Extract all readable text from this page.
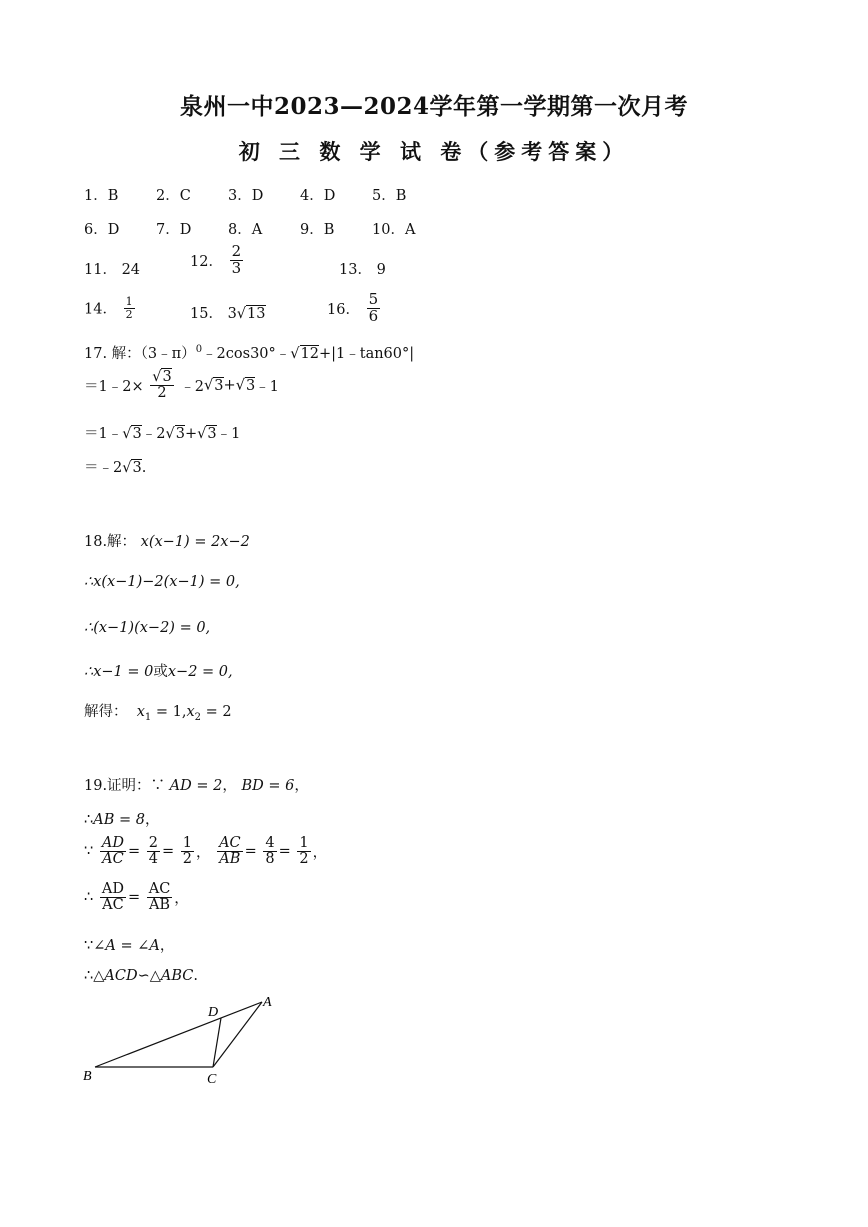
泉州一中2023—2024学年第一学期第一次月考
初 三 数 学 试 卷（参考答案）
1．B	2．C	3．D	4．D	5．B
6．D	7．D	8．A	9．B	10．A
11． 24
12． $\frac{2}{3}$	13． 9
14． $\frac{1}{2}$	15． 3√13	16． $\frac{5}{6}$
17. 解：（3﹣π）$^0$﹣2cos30°﹣√12+|1﹣tan60°|
＝1﹣2× $\frac{√3}{2}$ ﹣2√3+√3﹣1
＝1﹣√3﹣2√3+√3﹣1
＝﹣2√3.
18.解： x(x−1) = 2x−2
∴x(x−1)−2(x−1) = 0,
∴(x−1)(x−2) = 0,
∴x−1 = 0或x−2 = 0,
解得： $x_1 = 1,x_2 = 2$
19.证明：∵ AD = 2， BD = 6，
∴AB = 8，
∵ $\frac{AD}{AC} = \frac{2}{4} = \frac{1}{2}$ ， $\frac{AC}{AB} = \frac{4}{8} = \frac{1}{2}$ ，
∴ $\frac{AD}{AC} = \frac{AC}{AB}$ ，
∵∠A = ∠A，
∴△ACD∽△ABC.
A
D
B	C
